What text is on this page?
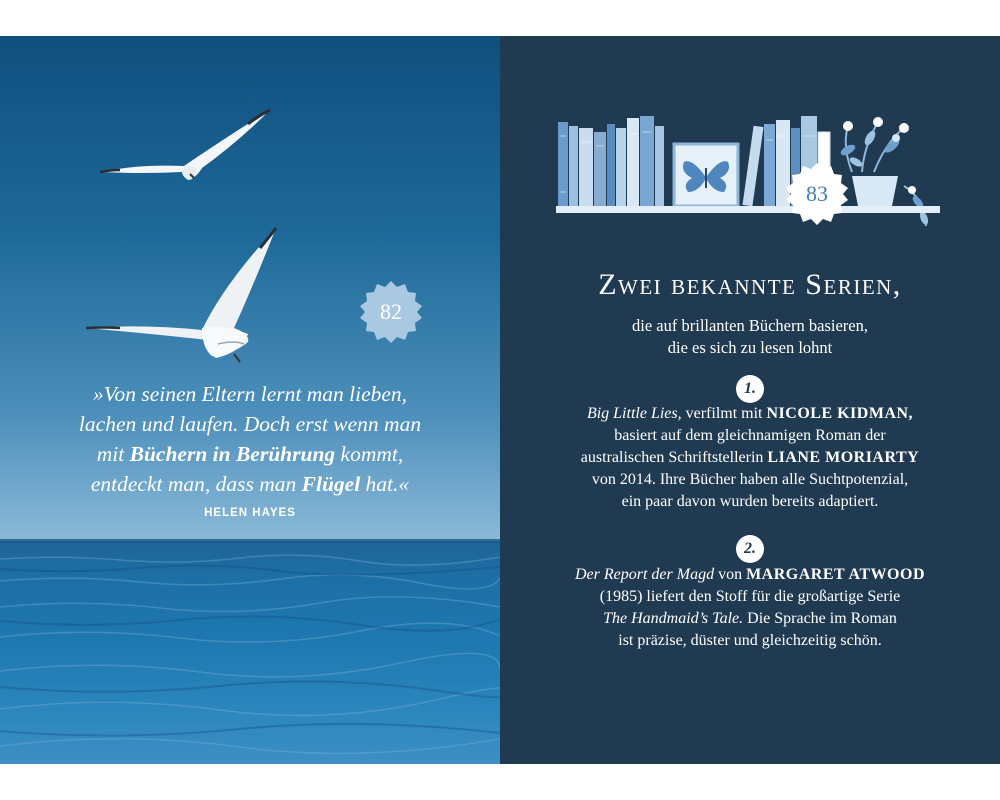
82
»Von seinen Eltern lernt man lieben,
lachen und laufen. Doch erst wenn man
mit Büchern in Berührung kommt,
entdeckt man, dass man Flügel hat.«
HELEN HAYES
83
Zwei bekannte Serien,
die auf brillanten Büchern basieren,
die es sich zu lesen lohnt
1.
Big Little Lies, verfilmt mit NICOLE KIDMAN,
basiert auf dem gleichnamigen Roman der
australischen Schriftstellerin LIANE MORIARTY
von 2014. Ihre Bücher haben alle Suchtpotenzial,
ein paar davon wurden bereits adaptiert.
2.
Der Report der Magd von MARGARET ATWOOD
(1985) liefert den Stoff für die großartige Serie
The Handmaid’s Tale. Die Sprache im Roman
ist präzise, düster und gleichzeitig schön.
